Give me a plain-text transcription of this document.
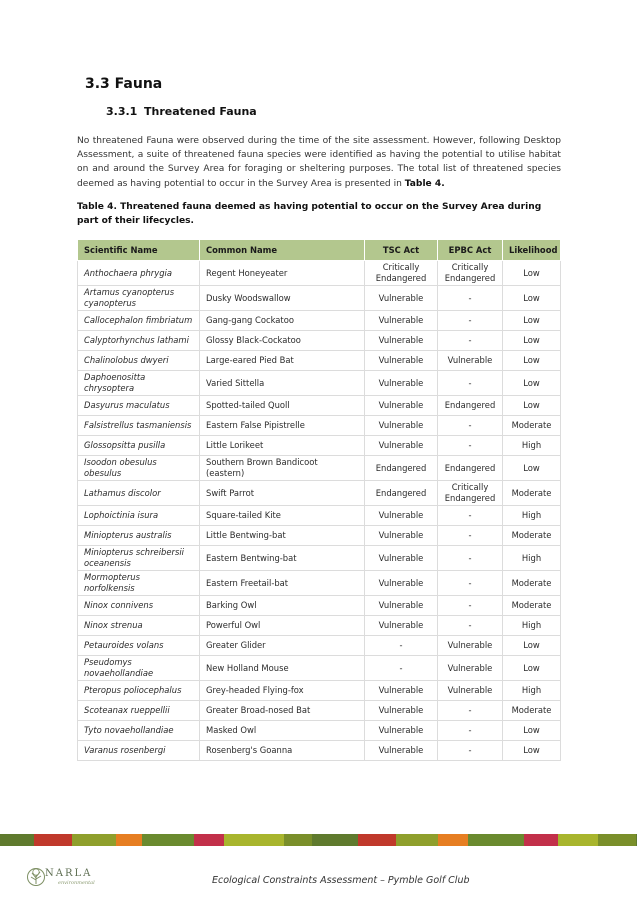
3.3 Fauna
3.3.1 Threatened Fauna
No threatened Fauna were observed during the time of the site assessment. However, following Desktop Assessment, a suite of threatened fauna species were identified as having the potential to utilise habitat on and around the Survey Area for foraging or sheltering purposes. The total list of threatened species deemed as having potential to occur in the Survey Area is presented in Table 4.
Table 4. Threatened fauna deemed as having potential to occur on the Survey Area during part of their lifecycles.
Scientific Name	Common Name	TSC Act	EPBC Act	Likelihood
Anthochaera phrygia	Regent Honeyeater	Critically Endangered	Critically Endangered	Low
Artamus cyanopterus cyanopterus	Dusky Woodswallow	Vulnerable	-	Low
Callocephalon fimbriatum	Gang-gang Cockatoo	Vulnerable	-	Low
Calyptorhynchus lathami	Glossy Black-Cockatoo	Vulnerable	-	Low
Chalinolobus dwyeri	Large-eared Pied Bat	Vulnerable	Vulnerable	Low
Daphoenositta chrysoptera	Varied Sittella	Vulnerable	-	Low
Dasyurus maculatus	Spotted-tailed Quoll	Vulnerable	Endangered	Low
Falsistrellus tasmaniensis	Eastern False Pipistrelle	Vulnerable	-	Moderate
Glossopsitta pusilla	Little Lorikeet	Vulnerable	-	High
Isoodon obesulus obesulus	Southern Brown Bandicoot (eastern)	Endangered	Endangered	Low
Lathamus discolor	Swift Parrot	Endangered	Critically Endangered	Moderate
Lophoictinia isura	Square-tailed Kite	Vulnerable	-	High
Miniopterus australis	Little Bentwing-bat	Vulnerable	-	Moderate
Miniopterus schreibersii oceanensis	Eastern Bentwing-bat	Vulnerable	-	High
Mormopterus norfolkensis	Eastern Freetail-bat	Vulnerable	-	Moderate
Ninox connivens	Barking Owl	Vulnerable	-	Moderate
Ninox strenua	Powerful Owl	Vulnerable	-	High
Petauroides volans	Greater Glider	-	Vulnerable	Low
Pseudomys novaehollandiae	New Holland Mouse	-	Vulnerable	Low
Pteropus poliocephalus	Grey-headed Flying-fox	Vulnerable	Vulnerable	High
Scoteanax rueppellii	Greater Broad-nosed Bat	Vulnerable	-	Moderate
Tyto novaehollandiae	Masked Owl	Vulnerable	-	Low
Varanus rosenbergi	Rosenberg's Goanna	Vulnerable	-	Low
NARLA
environmental	Ecological Constraints Assessment – Pymble Golf Club
